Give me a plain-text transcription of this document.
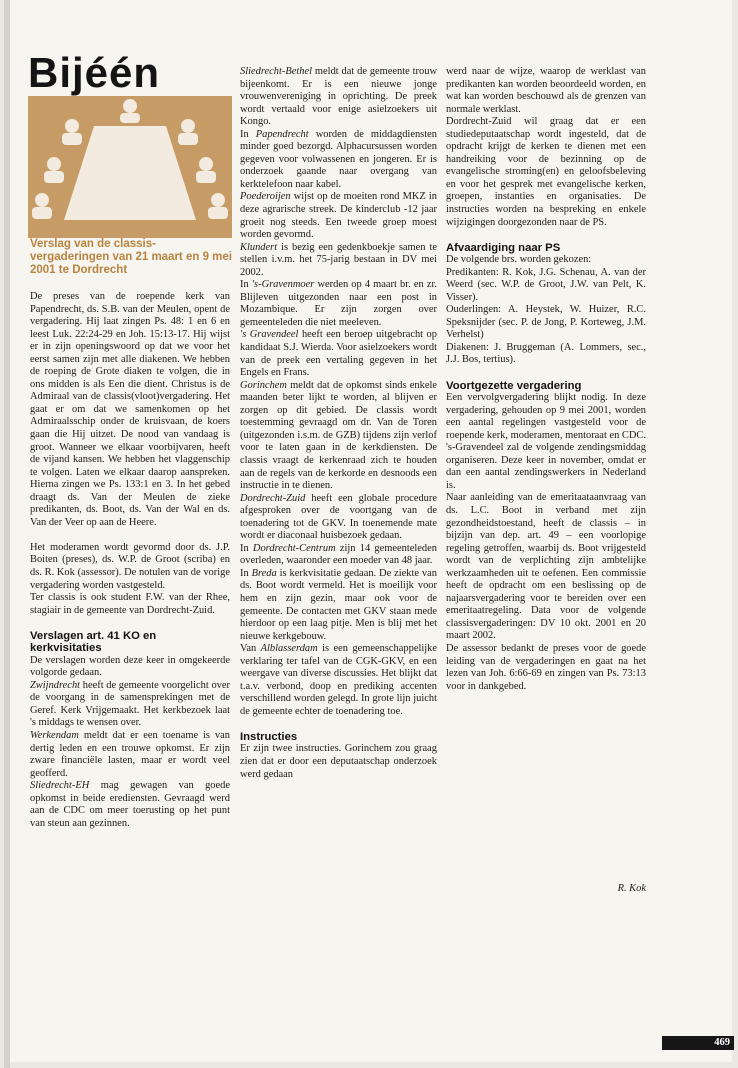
Bijéén
Verslag van de classis-vergaderingen van 21 maart en 9 mei 2001 te Dordrecht

De preses van de roepende kerk van Papendrecht, ds. S.B. van der Meulen, opent de vergadering. Hij laat zingen Ps. 48: 1 en 6 en leest Luk. 22:24-29 en Joh. 15:13-17. Hij wijst er in zijn openingswoord op dat we voor het eerst samen zijn met alle diakenen. We hebben de roeping de Grote diaken te volgen, die in ons midden is als Een die dient. Christus is de Admiraal van de classis(vloot)vergadering. Het gaat er om dat we samenkomen op het Admiraalsschip onder de kruisvaan, de koers gaan die Hij uitzet. De nood van vandaag is groot. Wanneer we elkaar voorbijvaren, heeft de vijand kansen. We hebben het vlaggenschip te volgen. Laten we elkaar daarop aanspreken. Hierna zingen we Ps. 133:1 en 3. In het gebed draagt ds. Van der Meulen de zieke predikanten, ds. Boot, ds. Van der Wal en ds. Van der Veer op aan de Heere.

Het moderamen wordt gevormd door ds. J.P. Boiten (preses), ds. W.P. de Groot (scriba) en ds. R. Kok (assessor). De notulen van de vorige vergadering worden vastgesteld.

Ter classis is ook student F.W. van der Rhee, stagiair in de gemeente van Dordrecht-Zuid.

Verslagen art. 41 KO en kerkvisitaties

De verslagen worden deze keer in omgekeerde volgorde gedaan.

Zwijndrecht heeft de gemeente voorgelicht over de voorgang in de samensprekingen met de Geref. Kerk Vrijgemaakt. Het kerkbezoek laat 's middags te wensen over.

Werkendam meldt dat er een toename is van dertig leden en een trouwe opkomst. Er zijn zware financiële lasten, maar er wordt veel geofferd.

Sliedrecht-EH mag gewagen van goede opkomst in beide erediensten. Gevraagd werd aan de CDC om meer toerusting op het punt van steun aan gezinnen.

Sliedrecht-Bethel meldt dat de gemeente trouw bijeenkomt. Er is een nieuwe jonge vrouwenvereniging in oprichting. De preek wordt vertaald voor enige asielzoekers uit Kongo.

In Papendrecht worden de middagdiensten minder goed bezorgd. Alphacursussen worden gegeven voor volwassenen en jongeren. Er is onderzoek gaande naar overgang van kerktelefoon naar kabel.

Poederoijen wijst op de moeiten rond MKZ in deze agrarische streek. De kinderclub -12 jaar groeit nog steeds. Een tweede groep moest worden gevormd.

Klundert is bezig een gedenkboekje samen te stellen i.v.m. het 75-jarig bestaan in DV mei 2002.

In 's-Gravenmoer werden op 4 maart br. en zr. Blijleven uitgezonden naar een post in Mozambique. Er zijn zorgen over gemeenteleden die niet meeleven.

's Gravendeel heeft een beroep uitgebracht op kandidaat S.J. Wierda. Voor asielzoekers wordt van de preek een vertaling gegeven in het Engels en Frans.

Gorinchem meldt dat de opkomst sinds enkele maanden beter lijkt te worden, al blijven er zorgen op dit gebied. De classis wordt toestemming gevraagd om dr. Van de Toren (uitgezonden i.s.m. de GZB) tijdens zijn verlof voor te laten gaan in de kerkdiensten. De classis vraagt de kerkenraad zich te houden aan de regels van de kerkorde en desnoods een instructie in te dienen.

Dordrecht-Zuid heeft een globale procedure afgesproken over de voortgang van de toenadering tot de GKV. In toenemende mate wordt er diaconaal huisbezoek gedaan.

In Dordrecht-Centrum zijn 14 gemeenteleden overleden, waaronder een moeder van 48 jaar.

In Breda is kerkvisitatie gedaan. De ziekte van ds. Boot wordt vermeld. Het is moeilijk voor hem en zijn gezin, maar ook voor de gemeente. De contacten met GKV staan mede hierdoor op een laag pitje. Men is blij met het nieuwe kerkgebouw.

Van Alblasserdam is een gemeenschappelijke verklaring ter tafel van de CGK-GKV, en een weergave van diverse discussies. Het blijkt dat t.a.v. verbond, doop en prediking accenten verschillend worden gelegd. In grote lijn juicht de gemeente echter de toenadering toe.

Instructies

Er zijn twee instructies. Gorinchem zou graag zien dat er door een deputaatschap onderzoek werd gedaan

werd naar de wijze, waarop de werklast van predikanten kan worden beoordeeld worden, en wat kan worden beschouwd als de grenzen van normale werklast.

Dordrecht-Zuid wil graag dat er een studiedeputaatschap wordt ingesteld, dat de opdracht krijgt de kerken te dienen met een handreiking voor de bezinning op de evangelische stroming(en) en geloofsbeleving en voor het gesprek met evangelische kerken, groepen, instanties en organisaties. De instructies worden na bespreking en enkele wijzigingen doorgezonden naar de PS.

Afvaardiging naar PS

De volgende brs. worden gekozen:

Predikanten: R. Kok, J.G. Schenau, A. van der Weerd (sec. W.P. de Groot, J.W. van Pelt, K. Visser).

Ouderlingen: A. Heystek, W. Huizer, R.C. Speksnijder (sec. P. de Jong, P. Korteweg, J.M. Verhelst)

Diakenen: J. Bruggeman (A. Lommers, sec., J.J. Bos, tertius).

Voortgezette vergadering

Een vervolgvergadering blijkt nodig. In deze vergadering, gehouden op 9 mei 2001, worden een aantal regelingen vastgesteld voor de roepende kerk, moderamen, mentoraat en CDC.

's-Gravendeel zal de volgende zendingsmiddag organiseren. Deze keer in november, omdat er dan een aantal zendingswerkers in Nederland is.

Naar aanleiding van de emeritaataanvraag van ds. L.C. Boot in verband met zijn gezondheidstoestand, heeft de classis – in bijzijn van dep. art. 49 – een voorlopige regeling getroffen, waarbij ds. Boot vrijgesteld wordt van de verplichting zijn ambtelijke werkzaamheden uit te oefenen. Een commissie heeft de opdracht om een beslissing op de najaarsvergadering voor te bereiden over een emeritaatregeling. Data voor de volgende classisvergaderingen: DV 10 okt. 2001 en 20 maart 2002.

De assessor bedankt de preses voor de goede leiding van de vergaderingen en gaat na het lezen van Joh. 6:66-69 en zingen van Ps. 73:13 voor in dankgebed.

R. Kok
469
